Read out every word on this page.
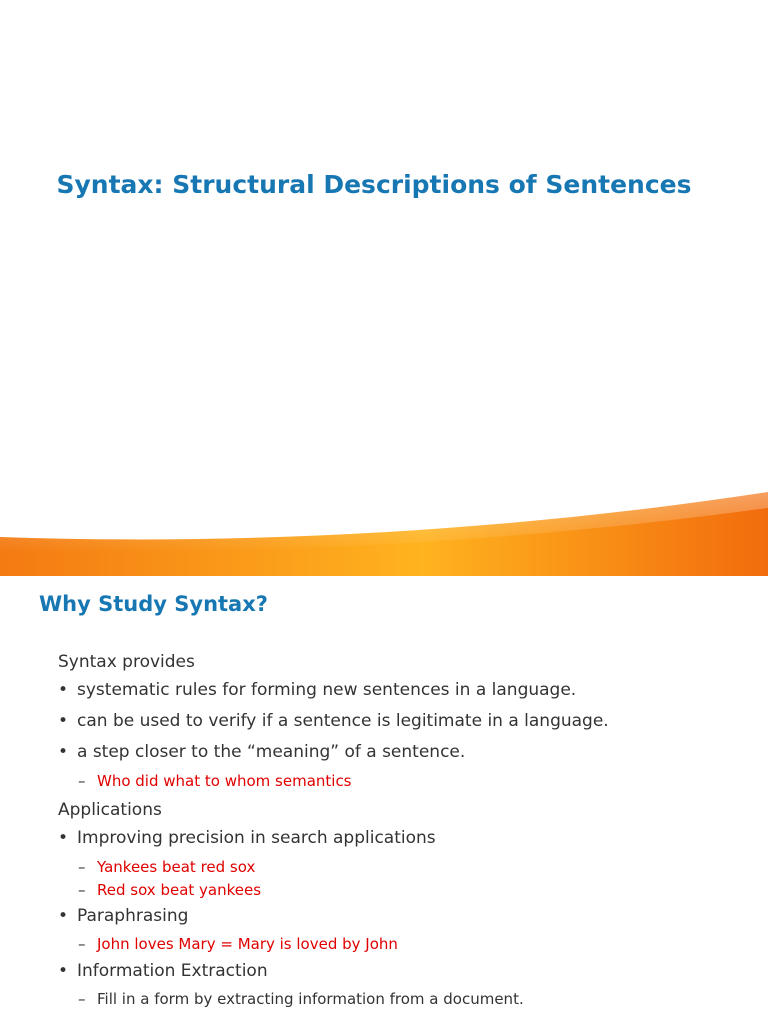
Syntax: Structural Descriptions of Sentences
Why Study Syntax?
Syntax provides
• systematic rules for forming new sentences in a language.
• can be used to verify if a sentence is legitimate in a language.
• a step closer to the “meaning” of a sentence.
– Who did what to whom semantics
Applications
• Improving precision in search applications
– Yankees beat red sox
– Red sox beat yankees
• Paraphrasing
– John loves Mary = Mary is loved by John
• Information Extraction
– Fill in a form by extracting information from a document.
